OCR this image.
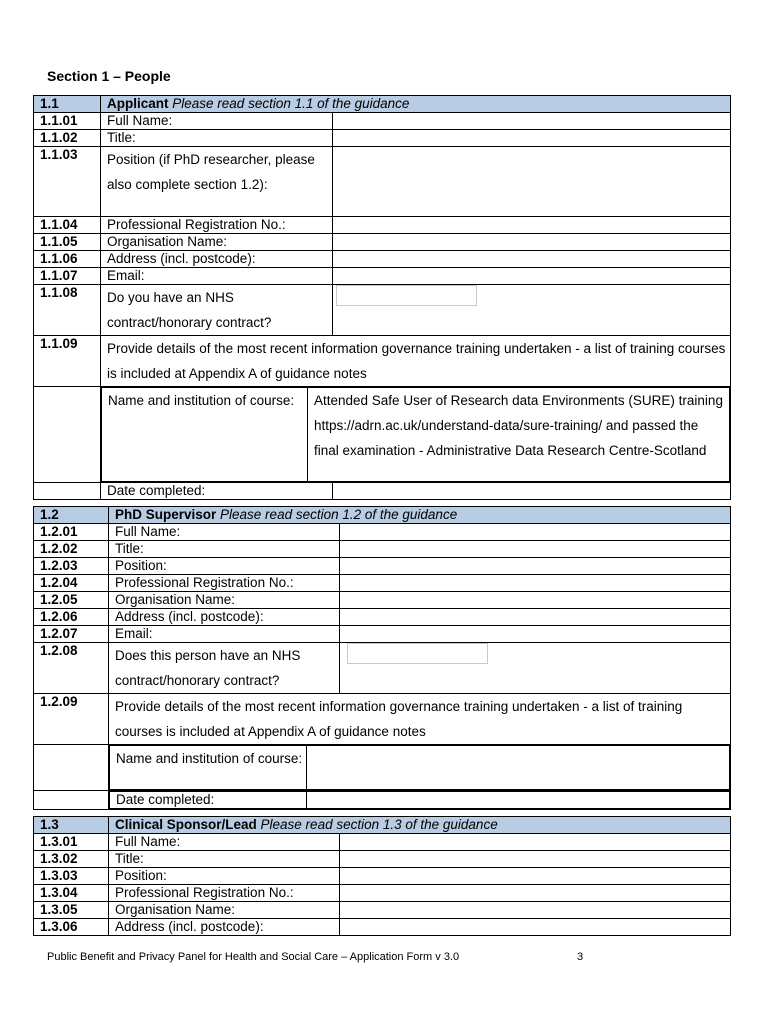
Section 1 – People
1.1	Applicant Please read section 1.1 of the guidance
1.1.01	Full Name:	
1.1.02	Title:	
1.1.03	Position (if PhD researcher, please also complete section 1.2):	
1.1.04	Professional Registration No.:	
1.1.05	Organisation Name:	
1.1.06	Address (incl. postcode):	
1.1.07	Email:	
1.1.08	Do you have an NHS contract/honorary contract?	
1.1.09	Provide details of the most recent information governance training undertaken - a list of training courses is included at Appendix A of guidance notes

Name and institution of course:	Attended Safe User of Research data Environments (SURE) training https://adrn.ac.uk/understand-data/sure-training/ and passed the final examination - Administrative Data Research Centre-Scotland

	Date completed:	
1.2	PhD Supervisor Please read section 1.2 of the guidance
1.2.01	Full Name:	
1.2.02	Title:	
1.2.03	Position:	
1.2.04	Professional Registration No.:	
1.2.05	Organisation Name:	
1.2.06	Address (incl. postcode):	
1.2.07	Email:	
1.2.08	Does this person have an NHS contract/honorary contract?	
1.2.09	Provide details of the most recent information governance training undertaken - a list of training courses is included at Appendix A of guidance notes

Name and institution of course:	

Date completed:	
1.3	Clinical Sponsor/Lead Please read section 1.3 of the guidance	
1.3.01	Full Name:	
1.3.02	Title:	
1.3.03	Position:	
1.3.04	Professional Registration No.:	
1.3.05	Organisation Name:	
1.3.06	Address (incl. postcode):	
Public Benefit and Privacy Panel for Health and Social Care – Application Form v 3.0	3
